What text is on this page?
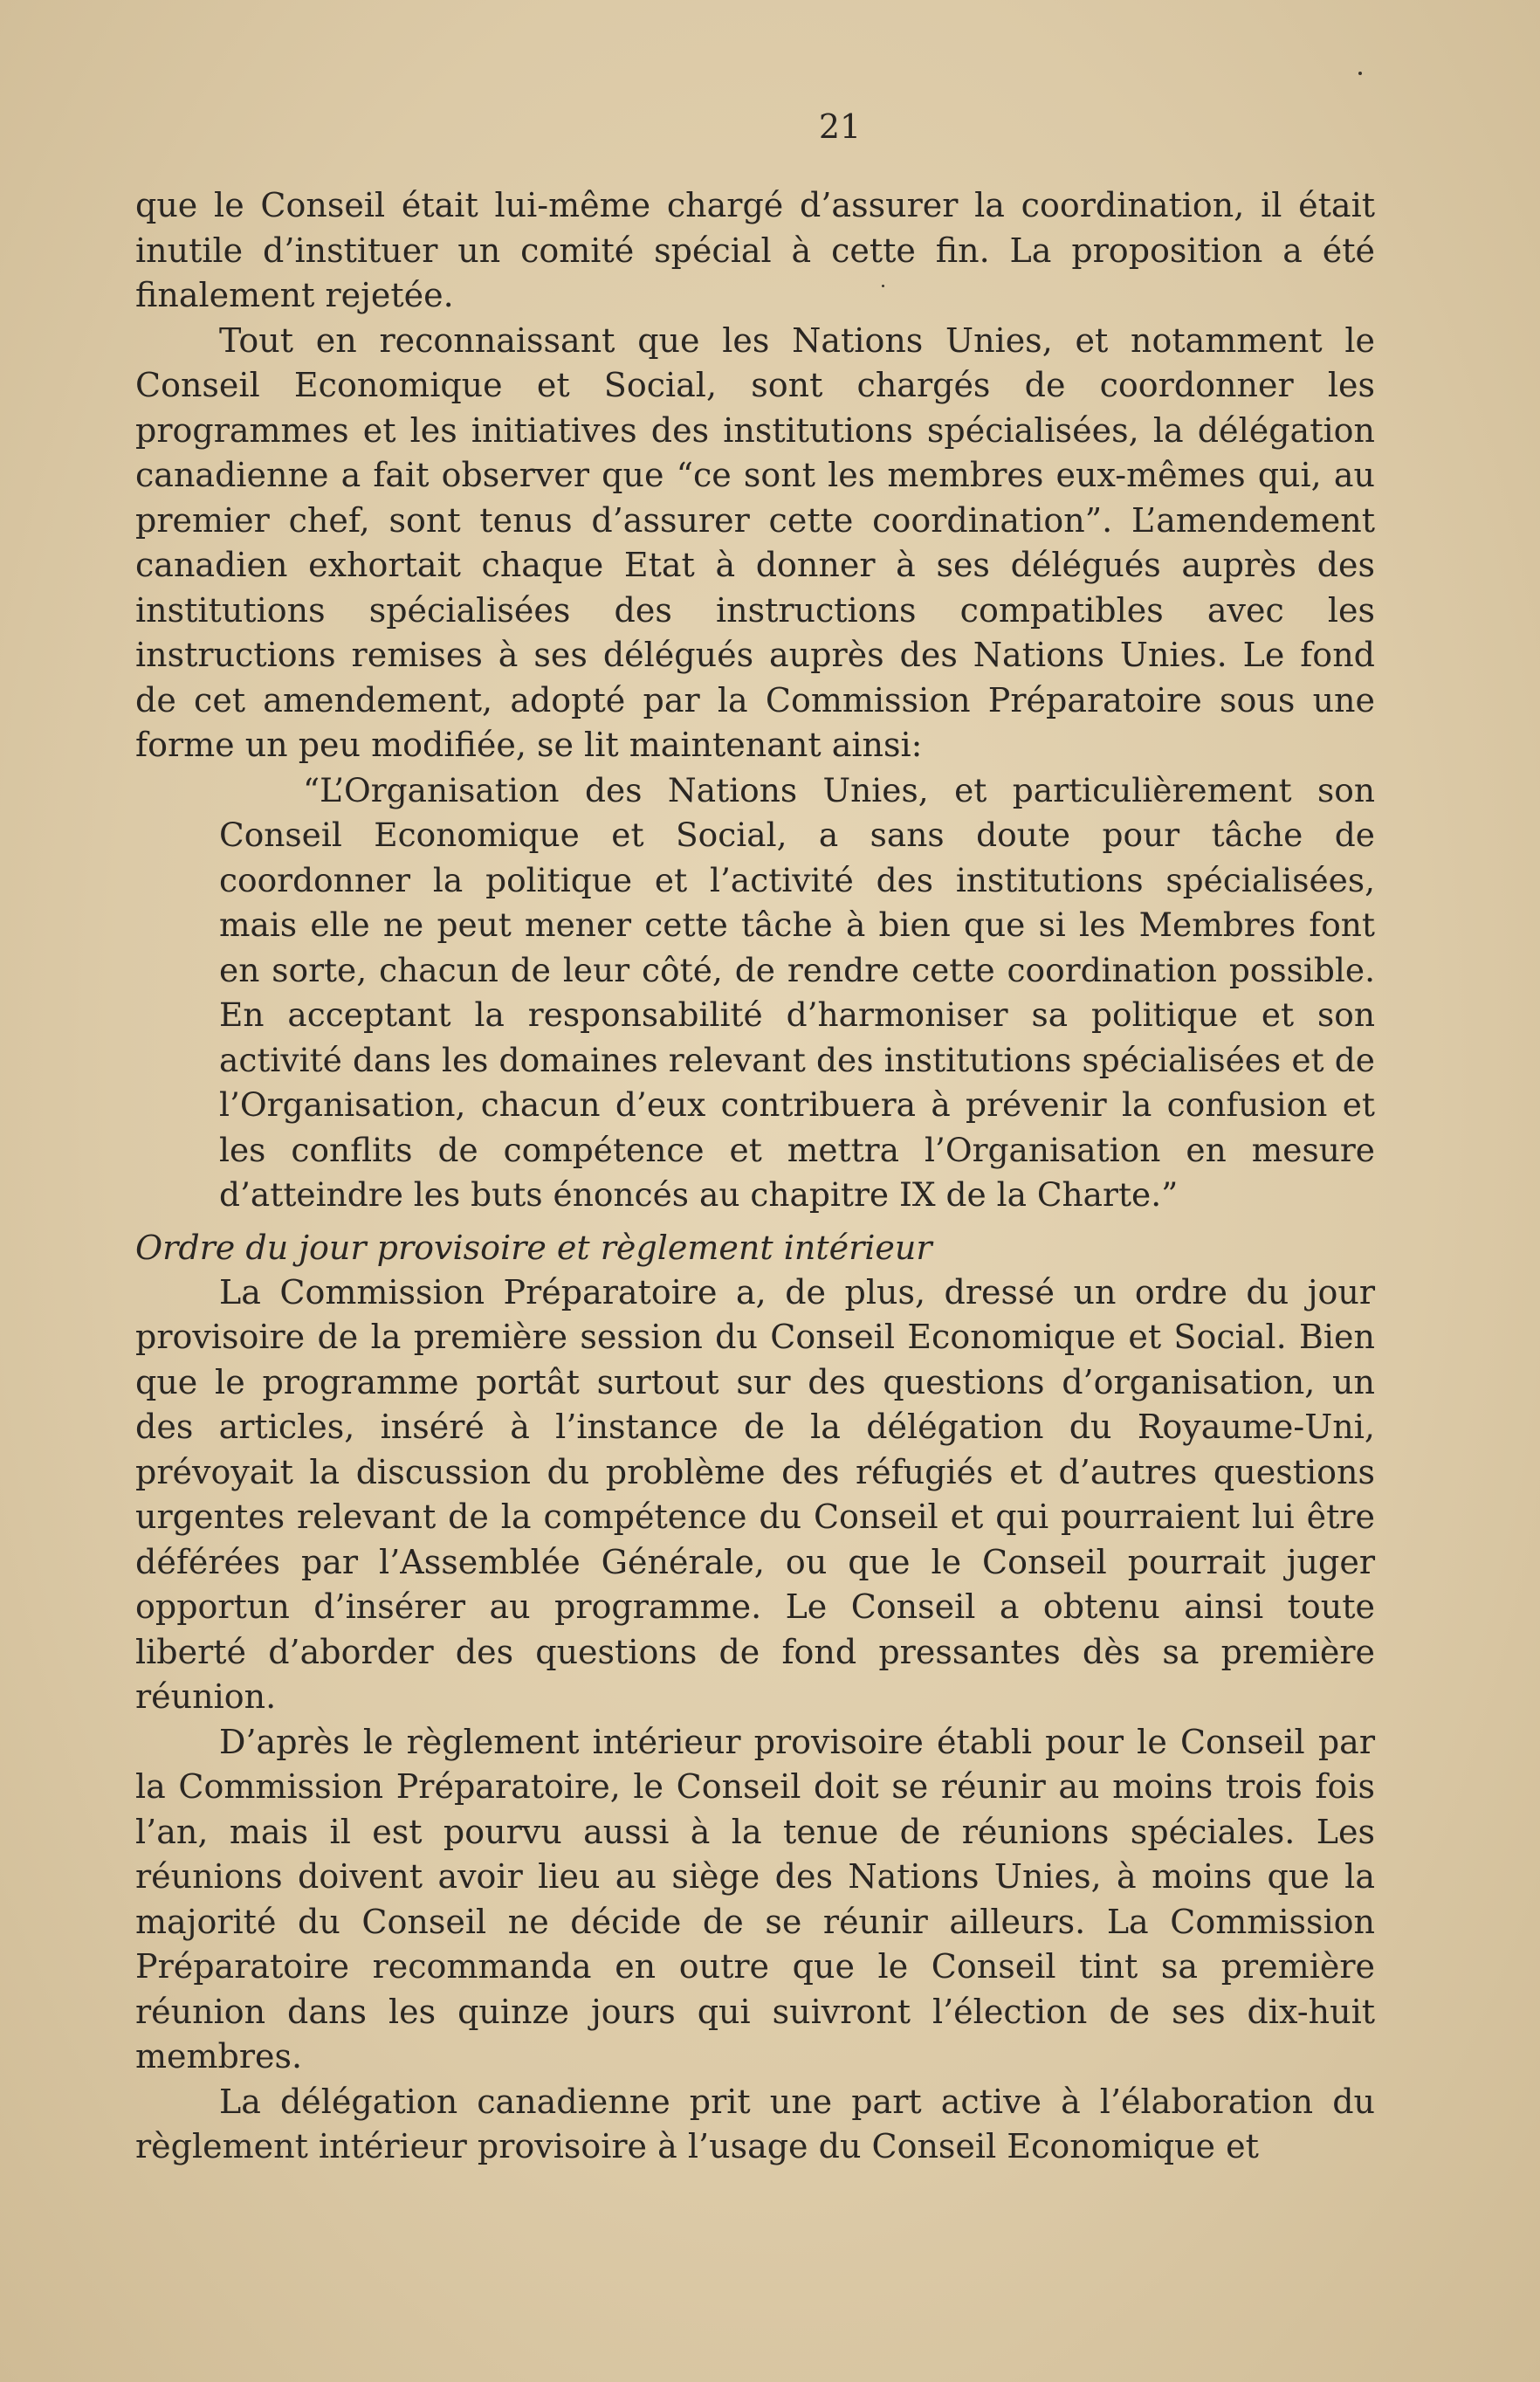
21

que le Conseil était lui-même chargé d’assurer la coordination, il était inutile d’instituer un comité spécial à cette fin. La proposition a été finalement rejetée.

Tout en reconnaissant que les Nations Unies, et notamment le Conseil Economique et Social, sont chargés de coordonner les programmes et les initiatives des institutions spécialisées, la délégation canadienne a fait observer que “ce sont les membres eux-mêmes qui, au premier chef, sont tenus d’assurer cette coordination”. L’amendement canadien exhortait chaque Etat à donner à ses délégués auprès des institutions spécialisées des instructions compatibles avec les instructions remises à ses délégués auprès des Nations Unies. Le fond de cet amendement, adopté par la Commission Préparatoire sous une forme un peu modifiée, se lit maintenant ainsi:

“L’Organisation des Nations Unies, et particulièrement son Conseil Economique et Social, a sans doute pour tâche de coordonner la politique et l’activité des institutions spécialisées, mais elle ne peut mener cette tâche à bien que si les Membres font en sorte, chacun de leur côté, de rendre cette coordination possible. En acceptant la responsabilité d’harmoniser sa politique et son activité dans les domaines relevant des institutions spécialisées et de l’Organisation, chacun d’eux contribuera à prévenir la confusion et les conflits de compétence et mettra l’Organisation en mesure d’atteindre les buts énoncés au chapitre IX de la Charte.”

Ordre du jour provisoire et règlement intérieur

La Commission Préparatoire a, de plus, dressé un ordre du jour provisoire de la première session du Conseil Economique et Social. Bien que le programme portât surtout sur des questions d’organisation, un des articles, inséré à l’instance de la délégation du Royaume-Uni, prévoyait la discussion du problème des réfugiés et d’autres questions urgentes relevant de la compétence du Conseil et qui pourraient lui être déférées par l’Assemblée Générale, ou que le Conseil pourrait juger opportun d’insérer au programme. Le Conseil a obtenu ainsi toute liberté d’aborder des questions de fond pressantes dès sa première réunion.

D’après le règlement intérieur provisoire établi pour le Conseil par la Commission Préparatoire, le Conseil doit se réunir au moins trois fois l’an, mais il est pourvu aussi à la tenue de réunions spéciales. Les réunions doivent avoir lieu au siège des Nations Unies, à moins que la majorité du Conseil ne décide de se réunir ailleurs. La Commission Préparatoire recommanda en outre que le Conseil tint sa première réunion dans les quinze jours qui suivront l’élection de ses dix-huit membres.

La délégation canadienne prit une part active à l’élaboration du règlement intérieur provisoire à l’usage du Conseil Economique et
